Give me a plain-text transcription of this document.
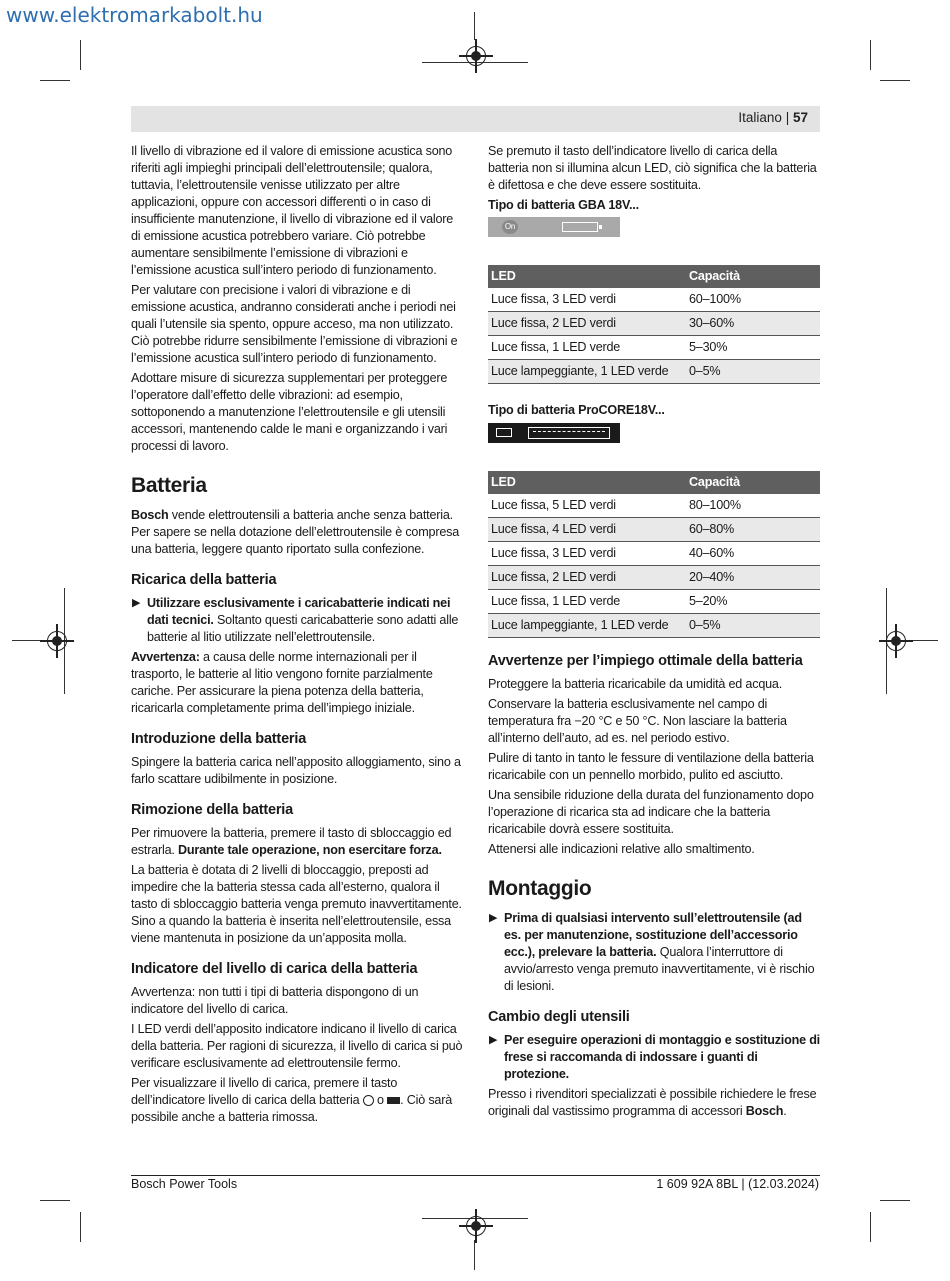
www.elektromarkabolt.hu
Italiano | 57

Il livello di vibrazione ed il valore di emissione acustica sono riferiti agli impieghi principali dell’elettroutensile; qualora, tuttavia, l’elettroutensile venisse utilizzato per altre applicazioni, oppure con accessori differenti o in caso di insufficiente manutenzione, il livello di vibrazione ed il valore di emissione acustica potrebbero variare. Ciò potrebbe aumentare sensibilmente l’emissione di vibrazioni e l’emissione acustica sull’intero periodo di funzionamento.

Per valutare con precisione i valori di vibrazione e di emissione acustica, andranno considerati anche i periodi nei quali l’utensile sia spento, oppure acceso, ma non utilizzato. Ciò potrebbe ridurre sensibilmente l’emissione di vibrazioni e l’emissione acustica sull’intero periodo di funzionamento.

Adottare misure di sicurezza supplementari per proteggere l’operatore dall’effetto delle vibrazioni: ad esempio, sottoponendo a manutenzione l’elettroutensile e gli utensili accessori, mantenendo calde le mani e organizzando i vari processi di lavoro.

Batteria

Bosch vende elettroutensili a batteria anche senza batteria. Per sapere se nella dotazione dell’elettroutensile è compresa una batteria, leggere quanto riportato sulla confezione.

Ricarica della batteria

▶ Utilizzare esclusivamente i caricabatterie indicati nei dati tecnici. Soltanto questi caricabatterie sono adatti alle batterie al litio utilizzate nell’elettroutensile.

Avvertenza: a causa delle norme internazionali per il trasporto, le batterie al litio vengono fornite parzialmente cariche. Per assicurare la piena potenza della batteria, ricaricarla completamente prima dell’impiego iniziale.

Introduzione della batteria

Spingere la batteria carica nell’apposito alloggiamento, sino a farlo scattare udibilmente in posizione.

Rimozione della batteria

Per rimuovere la batteria, premere il tasto di sbloccaggio ed estrarla. Durante tale operazione, non esercitare forza.

La batteria è dotata di 2 livelli di bloccaggio, preposti ad impedire che la batteria stessa cada all’esterno, qualora il tasto di sbloccaggio batteria venga premuto inavvertitamente. Sino a quando la batteria è inserita nell’elettroutensile, essa viene mantenuta in posizione da un’apposita molla.

Indicatore del livello di carica della batteria

Avvertenza: non tutti i tipi di batteria dispongono di un indicatore del livello di carica.

I LED verdi dell’apposito indicatore indicano il livello di carica della batteria. Per ragioni di sicurezza, il livello di carica si può verificare esclusivamente ad elettroutensile fermo.

Per visualizzare il livello di carica, premere il tasto dell’indicatore livello di carica della batteria  o . Ciò sarà possibile anche a batteria rimossa.

Se premuto il tasto dell’indicatore livello di carica della batteria non si illumina alcun LED, ciò significa che la batteria è difettosa e che deve essere sostituita.

Tipo di batteria GBA 18V...

On
LED	Capacità
Luce fissa, 3 LED verdi	60–100%
Luce fissa, 2 LED verdi	30–60%
Luce fissa, 1 LED verde	5–30%
Luce lampeggiante, 1 LED verde	0–5%

Tipo di batteria ProCORE18V...

LED	Capacità
Luce fissa, 5 LED verdi	80–100%
Luce fissa, 4 LED verdi	60–80%
Luce fissa, 3 LED verdi	40–60%
Luce fissa, 2 LED verdi	20–40%
Luce fissa, 1 LED verde	5–20%
Luce lampeggiante, 1 LED verde	0–5%
Avvertenze per l’impiego ottimale della batteria

Proteggere la batteria ricaricabile da umidità ed acqua.

Conservare la batteria esclusivamente nel campo di temperatura fra −20 °C e 50 °C. Non lasciare la batteria all’interno dell’auto, ad es. nel periodo estivo.

Pulire di tanto in tanto le fessure di ventilazione della batteria ricaricabile con un pennello morbido, pulito ed asciutto.

Una sensibile riduzione della durata del funzionamento dopo l’operazione di ricarica sta ad indicare che la batteria ricaricabile dovrà essere sostituita.

Attenersi alle indicazioni relative allo smaltimento.

Montaggio

▶ Prima di qualsiasi intervento sull’elettroutensile (ad es. per manutenzione, sostituzione dell’accessorio ecc.), prelevare la batteria. Qualora l’interruttore di avvio/arresto venga premuto inavvertitamente, vi è rischio di lesioni.

Cambio degli utensili

▶ Per eseguire operazioni di montaggio e sostituzione di frese si raccomanda di indossare i guanti di protezione.

Presso i rivenditori specializzati è possibile richiedere le frese originali dal vastissimo programma di accessori Bosch.

Bosch Power Tools	1 609 92A 8BL | (12.03.2024)
